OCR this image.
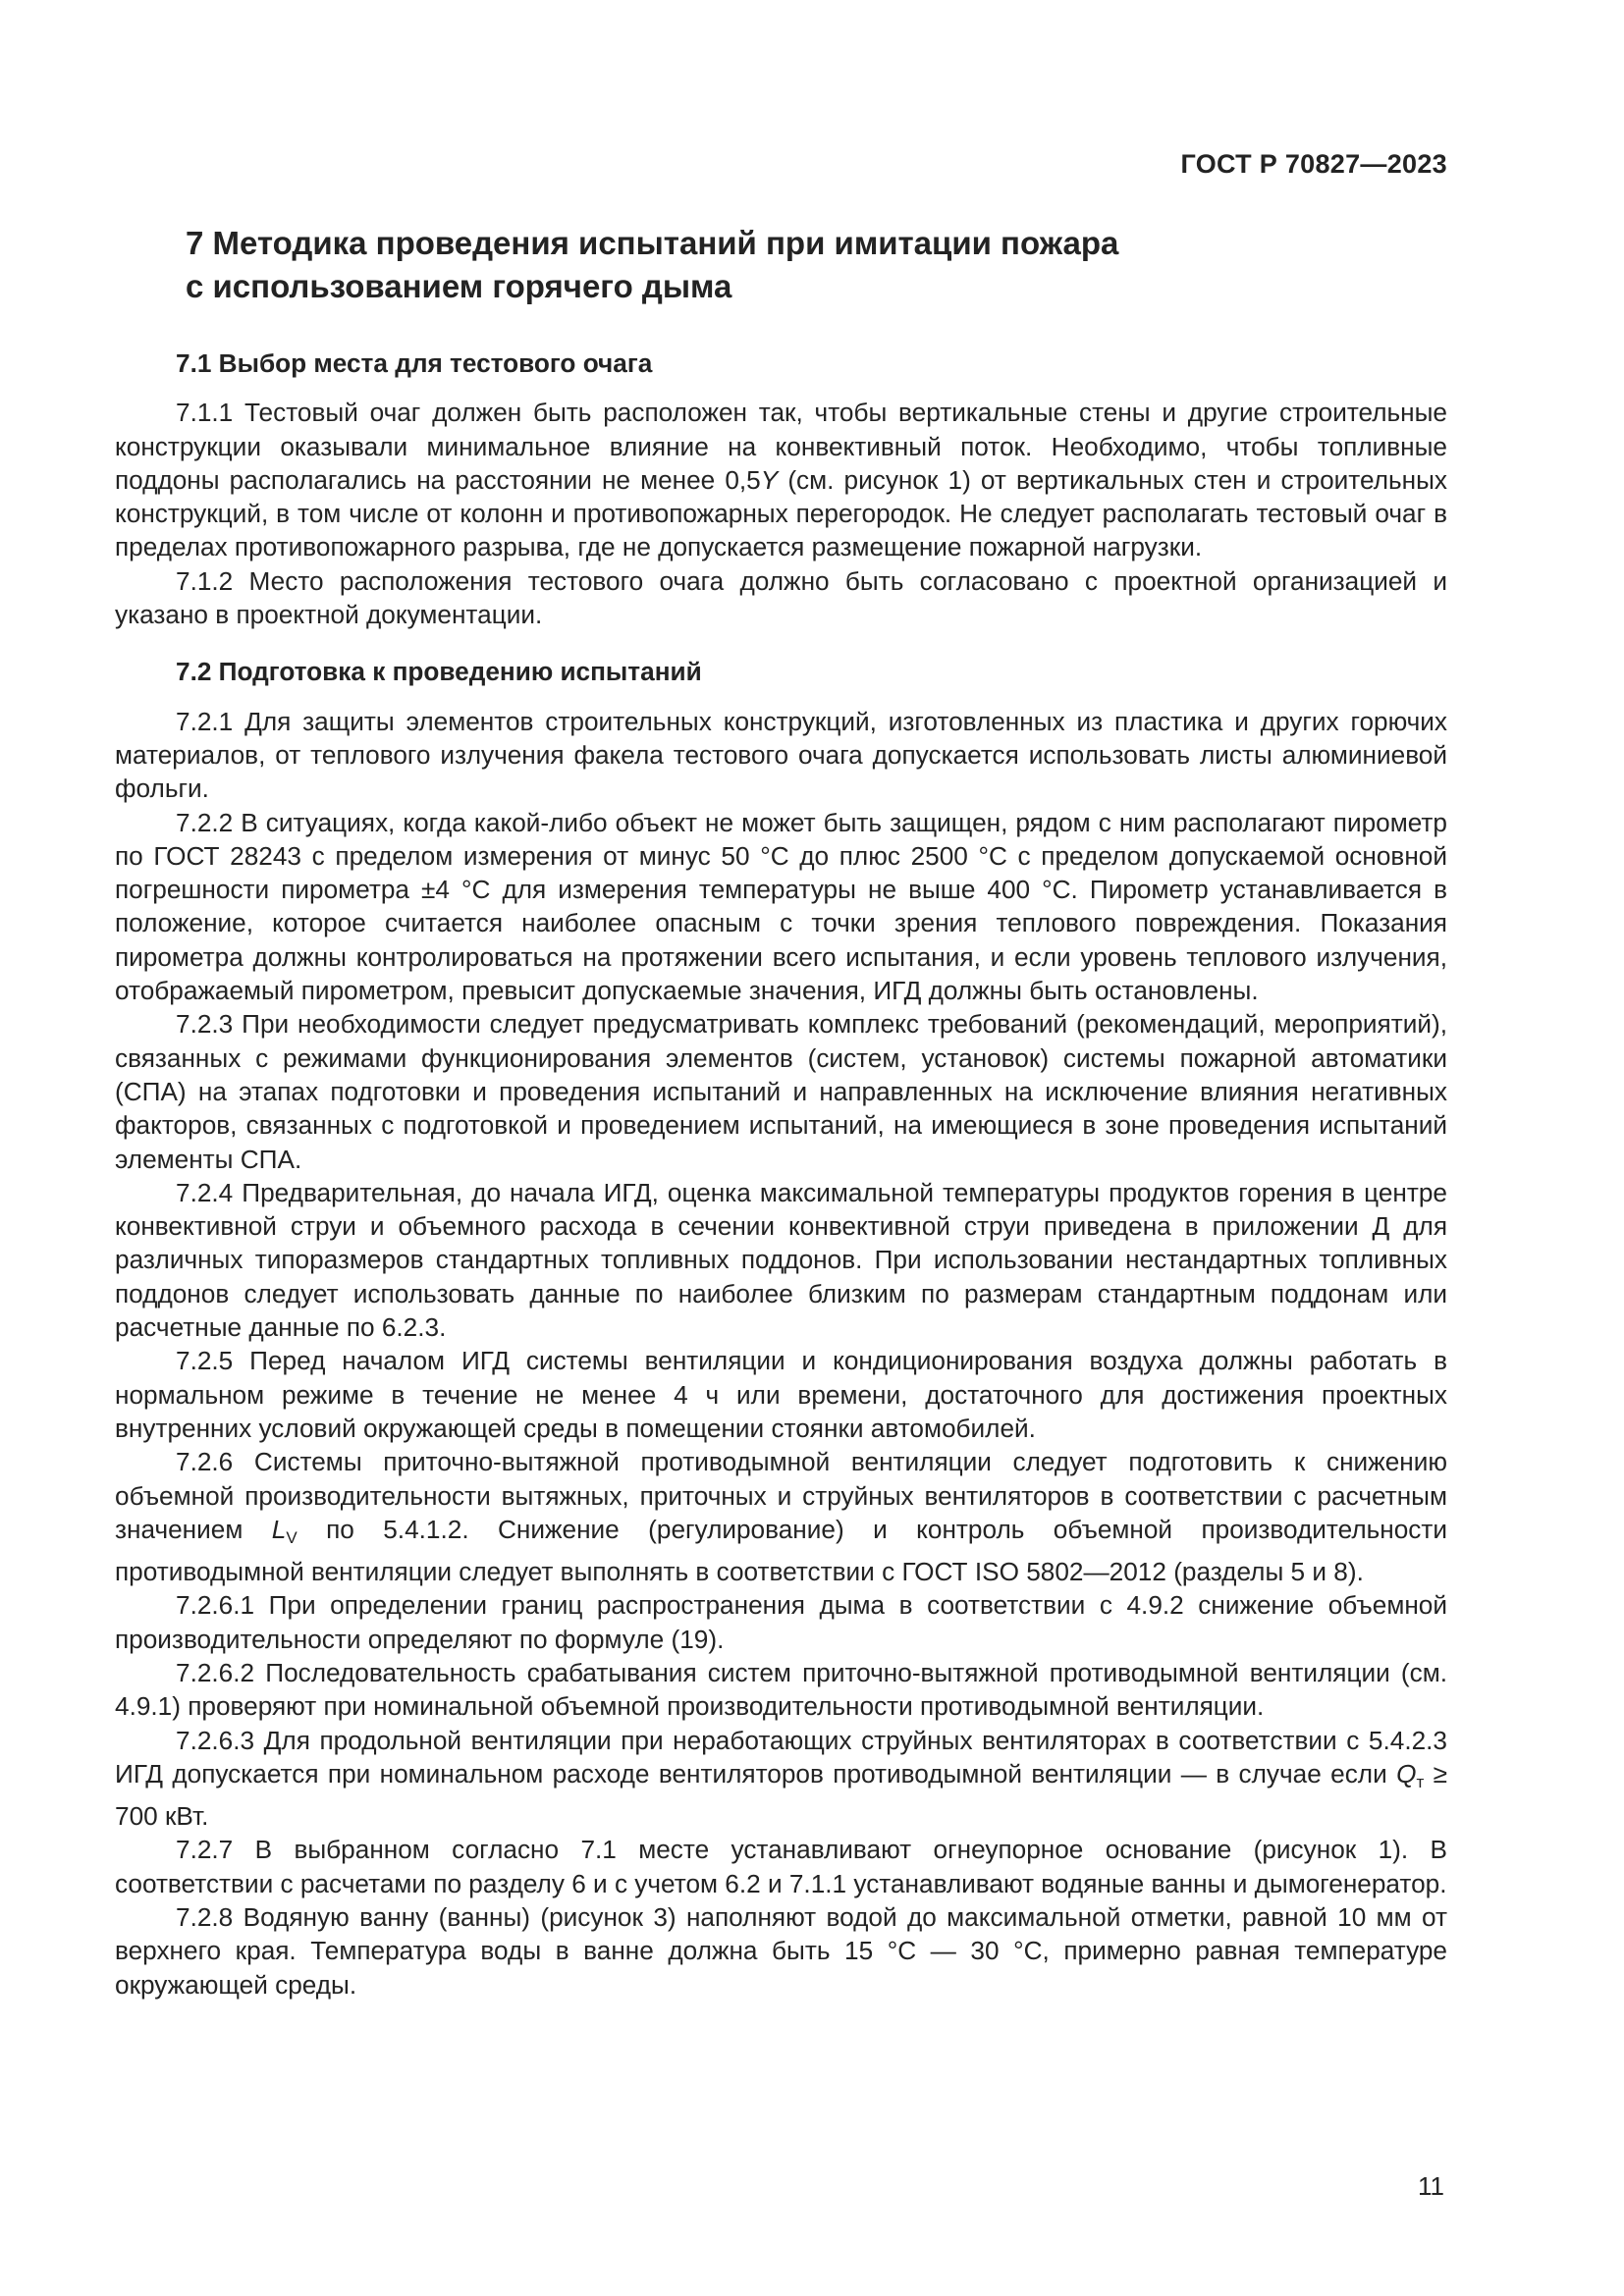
ГОСТ Р 70827—2023
7 Методика проведения испытаний при имитации пожара
с использованием горячего дыма
7.1 Выбор места для тестового очага

7.1.1 Тестовый очаг должен быть расположен так, чтобы вертикальные стены и другие строительные конструкции оказывали минимальное влияние на конвективный поток. Необходимо, чтобы топливные поддоны располагались на расстоянии не менее 0,5Y (см. рисунок 1) от вертикальных стен и строительных конструкций, в том числе от колонн и противопожарных перегородок. Не следует располагать тестовый очаг в пределах противопожарного разрыва, где не допускается размещение пожарной нагрузки.

7.1.2 Место расположения тестового очага должно быть согласовано с проектной организацией и указано в проектной документации.

7.2 Подготовка к проведению испытаний

7.2.1 Для защиты элементов строительных конструкций, изготовленных из пластика и других горючих материалов, от теплового излучения факела тестового очага допускается использовать листы алюминиевой фольги.

7.2.2 В ситуациях, когда какой-либо объект не может быть защищен, рядом с ним располагают пирометр по ГОСТ 28243 с пределом измерения от минус 50 °С до плюс 2500 °С с пределом допускаемой основной погрешности пирометра ±4 °С для измерения температуры не выше 400 °С. Пирометр устанавливается в положение, которое считается наиболее опасным с точки зрения теплового повреждения. Показания пирометра должны контролироваться на протяжении всего испытания, и если уровень теплового излучения, отображаемый пирометром, превысит допускаемые значения, ИГД должны быть остановлены.

7.2.3 При необходимости следует предусматривать комплекс требований (рекомендаций, мероприятий), связанных с режимами функционирования элементов (систем, установок) системы пожарной автоматики (СПА) на этапах подготовки и проведения испытаний и направленных на исключение влияния негативных факторов, связанных с подготовкой и проведением испытаний, на имеющиеся в зоне проведения испытаний элементы СПА.

7.2.4 Предварительная, до начала ИГД, оценка максимальной температуры продуктов горения в центре конвективной струи и объемного расхода в сечении конвективной струи приведена в приложении Д для различных типоразмеров стандартных топливных поддонов. При использовании нестандартных топливных поддонов следует использовать данные по наиболее близким по размерам стандартным поддонам или расчетные данные по 6.2.3.

7.2.5 Перед началом ИГД системы вентиляции и кондиционирования воздуха должны работать в нормальном режиме в течение не менее 4 ч или времени, достаточного для достижения проектных внутренних условий окружающей среды в помещении стоянки автомобилей.

7.2.6 Системы приточно-вытяжной противодымной вентиляции следует подготовить к снижению объемной производительности вытяжных, приточных и струйных вентиляторов в соответствии с расчетным значением $L_V$ по 5.4.1.2. Снижение (регулирование) и контроль объемной производительности противодымной вентиляции следует выполнять в соответствии с ГОСТ ISO 5802—2012 (разделы 5 и 8).

7.2.6.1 При определении границ распространения дыма в соответствии с 4.9.2 снижение объемной производительности определяют по формуле (19).

7.2.6.2 Последовательность срабатывания систем приточно-вытяжной противодымной вентиляции (см. 4.9.1) проверяют при номинальной объемной производительности противодымной вентиляции.

7.2.6.3 Для продольной вентиляции при неработающих струйных вентиляторах в соответствии с 5.4.2.3 ИГД допускается при номинальном расходе вентиляторов противодымной вентиляции — в случае если $Q_т \ge 700$ кВт.

7.2.7 В выбранном согласно 7.1 месте устанавливают огнеупорное основание (рисунок 1). В соответствии с расчетами по разделу 6 и с учетом 6.2 и 7.1.1 устанавливают водяные ванны и дымогенератор.

7.2.8 Водяную ванну (ванны) (рисунок 3) наполняют водой до максимальной отметки, равной 10 мм от верхнего края. Температура воды в ванне должна быть 15 °С — 30 °С, примерно равная температуре окружающей среды.

11
